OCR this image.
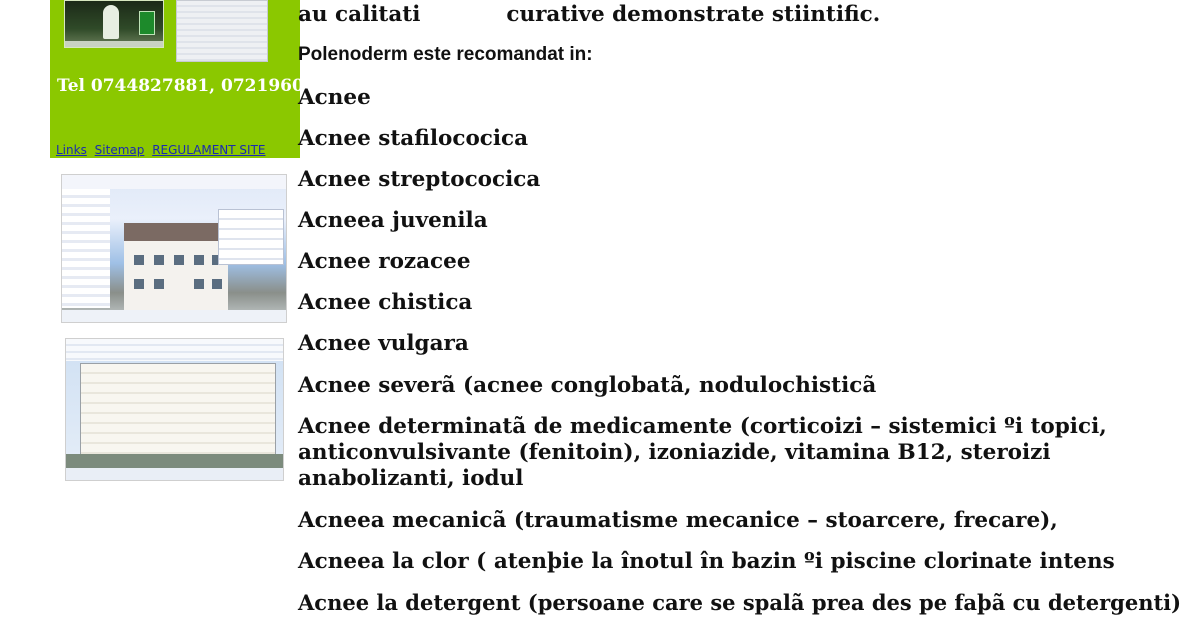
Tel 0744827881, 0721960169

Links Sitemap REGULAMENT SITE

au calitati	curative demonstrate stiintific.

Polenoderm este recomandat in:

Acnee

Acnee stafilococica

Acnee streptococica

Acneea juvenila

Acnee rozacee

Acnee chistica

Acnee vulgara

Acnee severã (acnee conglobatã, nodulochisticã

Acnee determinatã de medicamente (corticoizi – sistemici ºi topici, anticonvulsivante (fenitoin), izoniazide, vitamina B12, steroizi anabolizanti, iodul

Acneea mecanicã (traumatisme mecanice – stoarcere, frecare),

Acneea la clor ( atenþie la înotul în bazin ºi piscine clorinate intens

Acnee la detergent (persoane care se spalã prea des pe faþã cu detergenti)
